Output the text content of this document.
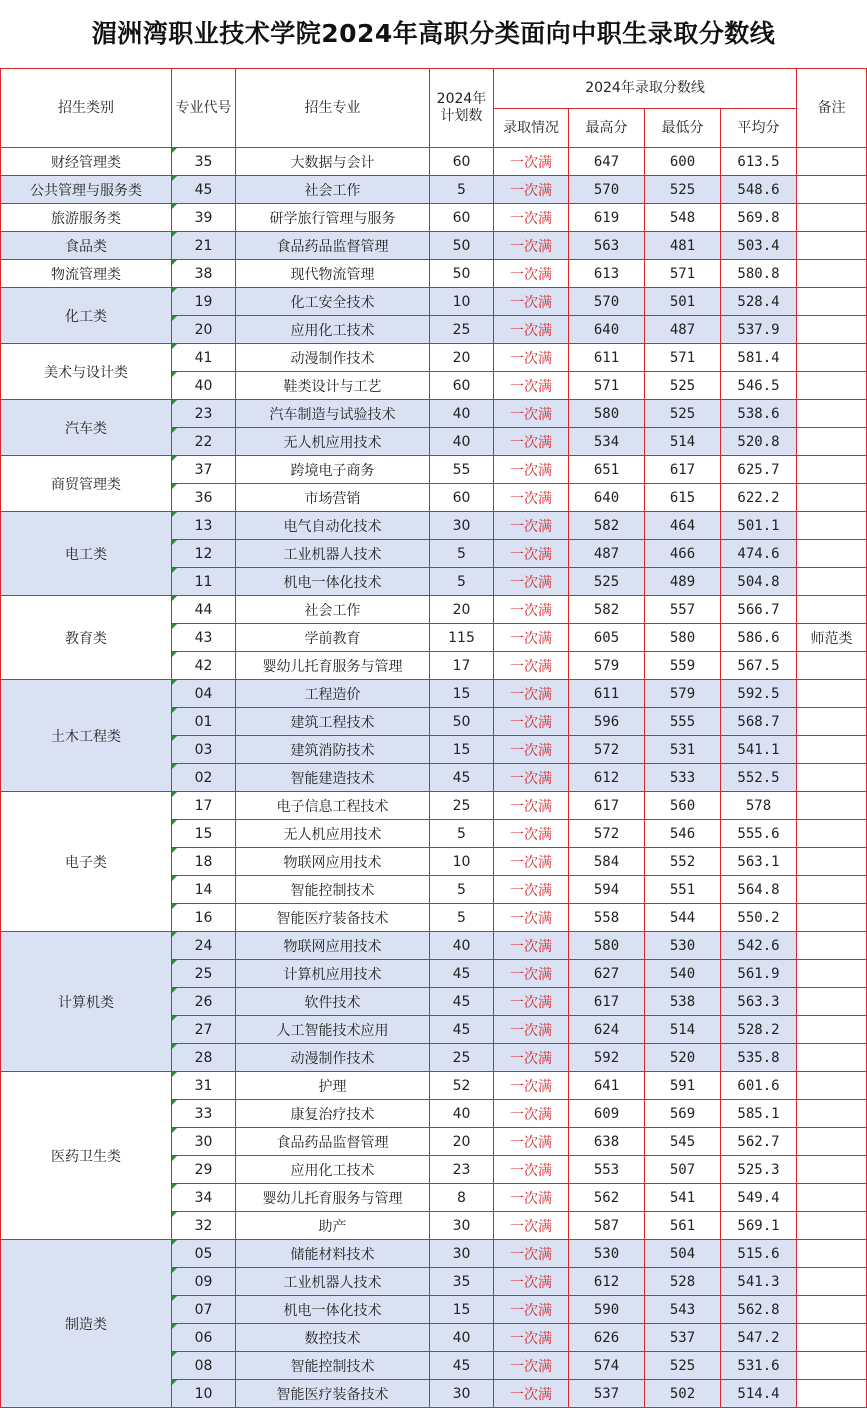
湄洲湾职业技术学院2024年高职分类面向中职生录取分数线
招生类别	专业代号	招生专业	2024年计划数	2024年录取分数线				备注
				录取情况	最高分	最低分	平均分	
财经管理类	35	大数据与会计	60	一次满	647	600	613.5	
公共管理与服务类	45	社会工作	5	一次满	570	525	548.6	
旅游服务类	39	研学旅行管理与服务	60	一次满	619	548	569.8	
食品类	21	食品药品监督管理	50	一次满	563	481	503.4	
物流管理类	38	现代物流管理	50	一次满	613	571	580.8	
化工类	19	化工安全技术	10	一次满	570	501	528.4	
	20	应用化工技术	25	一次满	640	487	537.9	
美术与设计类	41	动漫制作技术	20	一次满	611	571	581.4	
	40	鞋类设计与工艺	60	一次满	571	525	546.5	
汽车类	23	汽车制造与试验技术	40	一次满	580	525	538.6	
	22	无人机应用技术	40	一次满	534	514	520.8	
商贸管理类	37	跨境电子商务	55	一次满	651	617	625.7	
	36	市场营销	60	一次满	640	615	622.2	
电工类	13	电气自动化技术	30	一次满	582	464	501.1	
	12	工业机器人技术	5	一次满	487	466	474.6	
	11	机电一体化技术	5	一次满	525	489	504.8	
教育类	44	社会工作	20	一次满	582	557	566.7	
	43	学前教育	115	一次满	605	580	586.6	师范类
	42	婴幼儿托育服务与管理	17	一次满	579	559	567.5	
土木工程类	04	工程造价	15	一次满	611	579	592.5	
	01	建筑工程技术	50	一次满	596	555	568.7	
	03	建筑消防技术	15	一次满	572	531	541.1	
	02	智能建造技术	45	一次满	612	533	552.5	
电子类	17	电子信息工程技术	25	一次满	617	560	578	
	15	无人机应用技术	5	一次满	572	546	555.6	
	18	物联网应用技术	10	一次满	584	552	563.1	
	14	智能控制技术	5	一次满	594	551	564.8	
	16	智能医疗装备技术	5	一次满	558	544	550.2	
计算机类	24	物联网应用技术	40	一次满	580	530	542.6	
	25	计算机应用技术	45	一次满	627	540	561.9	
	26	软件技术	45	一次满	617	538	563.3	
	27	人工智能技术应用	45	一次满	624	514	528.2	
	28	动漫制作技术	25	一次满	592	520	535.8	
医药卫生类	31	护理	52	一次满	641	591	601.6	
	33	康复治疗技术	40	一次满	609	569	585.1	
	30	食品药品监督管理	20	一次满	638	545	562.7	
	29	应用化工技术	23	一次满	553	507	525.3	
	34	婴幼儿托育服务与管理	8	一次满	562	541	549.4	
	32	助产	30	一次满	587	561	569.1	
制造类	05	储能材料技术	30	一次满	530	504	515.6	
	09	工业机器人技术	35	一次满	612	528	541.3	
	07	机电一体化技术	15	一次满	590	543	562.8	
	06	数控技术	40	一次满	626	537	547.2	
	08	智能控制技术	45	一次满	574	525	531.6	
	10	智能医疗装备技术	30	一次满	537	502	514.4	
